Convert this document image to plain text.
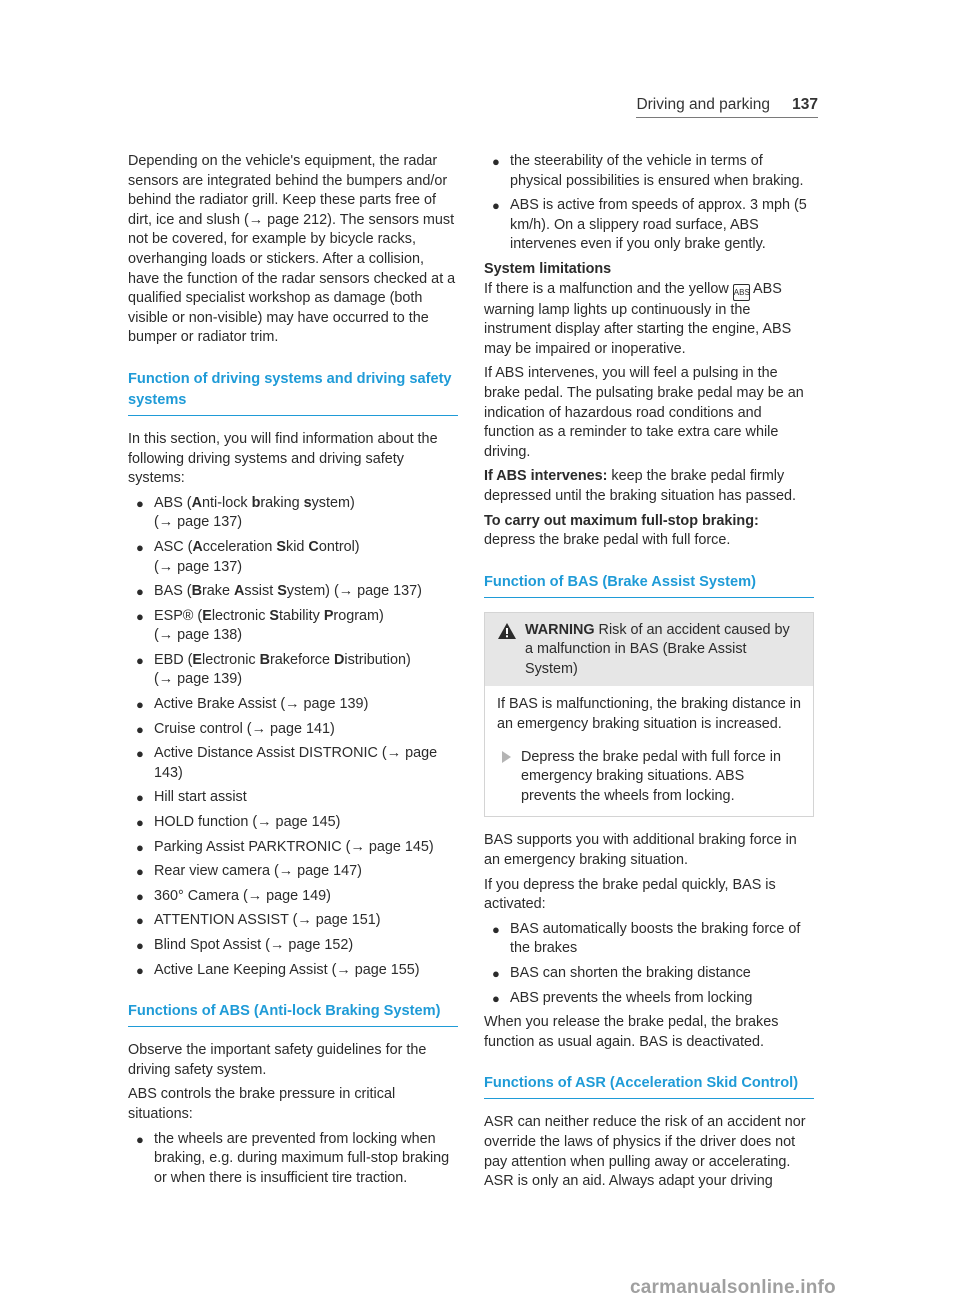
Driving and parking 137

Depending on the vehicle's equipment, the radar sensors are integrated behind the bumpers and/or behind the radiator grill. Keep these parts free of dirt, ice and slush (→ page 212). The sensors must not be covered, for example by bicycle racks, overhanging loads or stickers. After a collision, have the function of the radar sensors checked at a qualified specialist workshop as damage (both visible or non-visible) may have occurred to the bumper or radiator trim.

Function of driving systems and driving safety systems

In this section, you will find information about the following driving systems and driving safety systems:

● ABS (Anti-lock braking system)
(→ page 137)
● ASC (Acceleration Skid Control)
(→ page 137)
● BAS (Brake Assist System) (→ page 137)
● ESP® (Electronic Stability Program)
(→ page 138)
● EBD (Electronic Brakeforce Distribution)
(→ page 139)
● Active Brake Assist (→ page 139)
● Cruise control (→ page 141)
● Active Distance Assist DISTRONIC (→ page 143)
● Hill start assist
● HOLD function (→ page 145)
● Parking Assist PARKTRONIC (→ page 145)
● Rear view camera (→ page 147)
● 360° Camera (→ page 149)
● ATTENTION ASSIST (→ page 151)
● Blind Spot Assist (→ page 152)
● Active Lane Keeping Assist (→ page 155)
Functions of ABS (Anti-lock Braking System)

Observe the important safety guidelines for the driving safety system.

ABS controls the brake pressure in critical situations:

● the wheels are prevented from locking when braking, e.g. during maximum full-stop braking or when there is insufficient tire traction.
● the steerability of the vehicle in terms of physical possibilities is ensured when braking.
● ABS is active from speeds of approx. 3 mph (5 km/h). On a slippery road surface, ABS intervenes even if you only brake gently.
System limitations

If there is a malfunction and the yellow ABS ABS warning lamp lights up continuously in the instrument display after starting the engine, ABS may be impaired or inoperative.

If ABS intervenes, you will feel a pulsing in the brake pedal. The pulsating brake pedal may be an indication of hazardous road conditions and function as a reminder to take extra care while driving.

If ABS intervenes: keep the brake pedal firmly depressed until the braking situation has passed.

To carry out maximum full-stop braking:
depress the brake pedal with full force.

Function of BAS (Brake Assist System)
WARNING Risk of an accident caused by a malfunction in BAS (Brake Assist System)
If BAS is malfunctioning, the braking distance in an emergency braking situation is increased.
Depress the brake pedal with full force in emergency braking situations. ABS prevents the wheels from locking.

BAS supports you with additional braking force in an emergency braking situation.

If you depress the brake pedal quickly, BAS is activated:

● BAS automatically boosts the braking force of the brakes
● BAS can shorten the braking distance
● ABS prevents the wheels from locking

When you release the brake pedal, the brakes function as usual again. BAS is deactivated.

Functions of ASR (Acceleration Skid Control)

ASR can neither reduce the risk of an accident nor override the laws of physics if the driver does not pay attention when pulling away or accelerating. ASR is only an aid. Always adapt your driving

carmanualsonline.info
